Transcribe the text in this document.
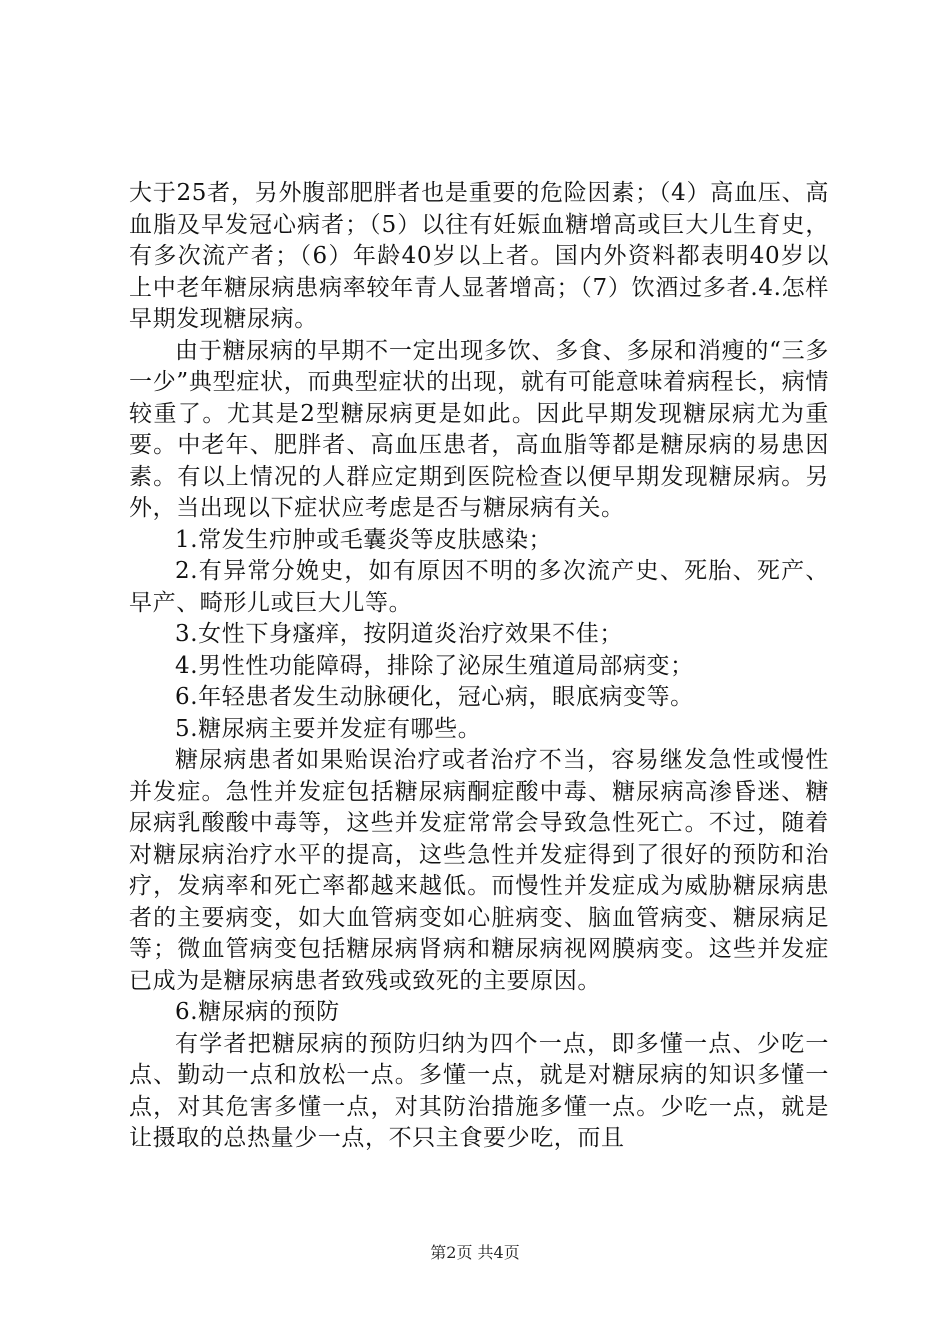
大于25者，另外腹部肥胖者也是重要的危险因素；（4）高血压、高血脂及早发冠心病者；（5）以往有妊娠血糖增高或巨大儿生育史，有多次流产者；（6）年龄40岁以上者。国内外资料都表明40岁以上中老年糖尿病患病率较年青人显著增高；（7）饮酒过多者.4.怎样早期发现糖尿病。

由于糖尿病的早期不一定出现多饮、多食、多尿和消瘦的“三多一少”典型症状，而典型症状的出现，就有可能意味着病程长，病情较重了。尤其是2型糖尿病更是如此。因此早期发现糖尿病尤为重要。中老年、肥胖者、高血压患者，高血脂等都是糖尿病的易患因素。有以上情况的人群应定期到医院检查以便早期发现糖尿病。另外，当出现以下症状应考虑是否与糖尿病有关。

1.常发生疖肿或毛囊炎等皮肤感染；

2.有异常分娩史，如有原因不明的多次流产史、死胎、死产、早产、畸形儿或巨大儿等。

3.女性下身瘙痒，按阴道炎治疗效果不佳；

4.男性性功能障碍，排除了泌尿生殖道局部病变；

6.年轻患者发生动脉硬化，冠心病，眼底病变等。

5.糖尿病主要并发症有哪些。

糖尿病患者如果贻误治疗或者治疗不当，容易继发急性或慢性并发症。急性并发症包括糖尿病酮症酸中毒、糖尿病高渗昏迷、糖尿病乳酸酸中毒等，这些并发症常常会导致急性死亡。不过，随着对糖尿病治疗水平的提高，这些急性并发症得到了很好的预防和治疗，发病率和死亡率都越来越低。而慢性并发症成为威胁糖尿病患者的主要病变，如大血管病变如心脏病变、脑血管病变、糖尿病足等；微血管病变包括糖尿病肾病和糖尿病视网膜病变。这些并发症已成为是糖尿病患者致残或致死的主要原因。

6.糖尿病的预防

有学者把糖尿病的预防归纳为四个一点，即多懂一点、少吃一点、勤动一点和放松一点。多懂一点，就是对糖尿病的知识多懂一点，对其危害多懂一点，对其防治措施多懂一点。少吃一点，就是让摄取的总热量少一点，不只主食要少吃，而且

第2页 共4页
